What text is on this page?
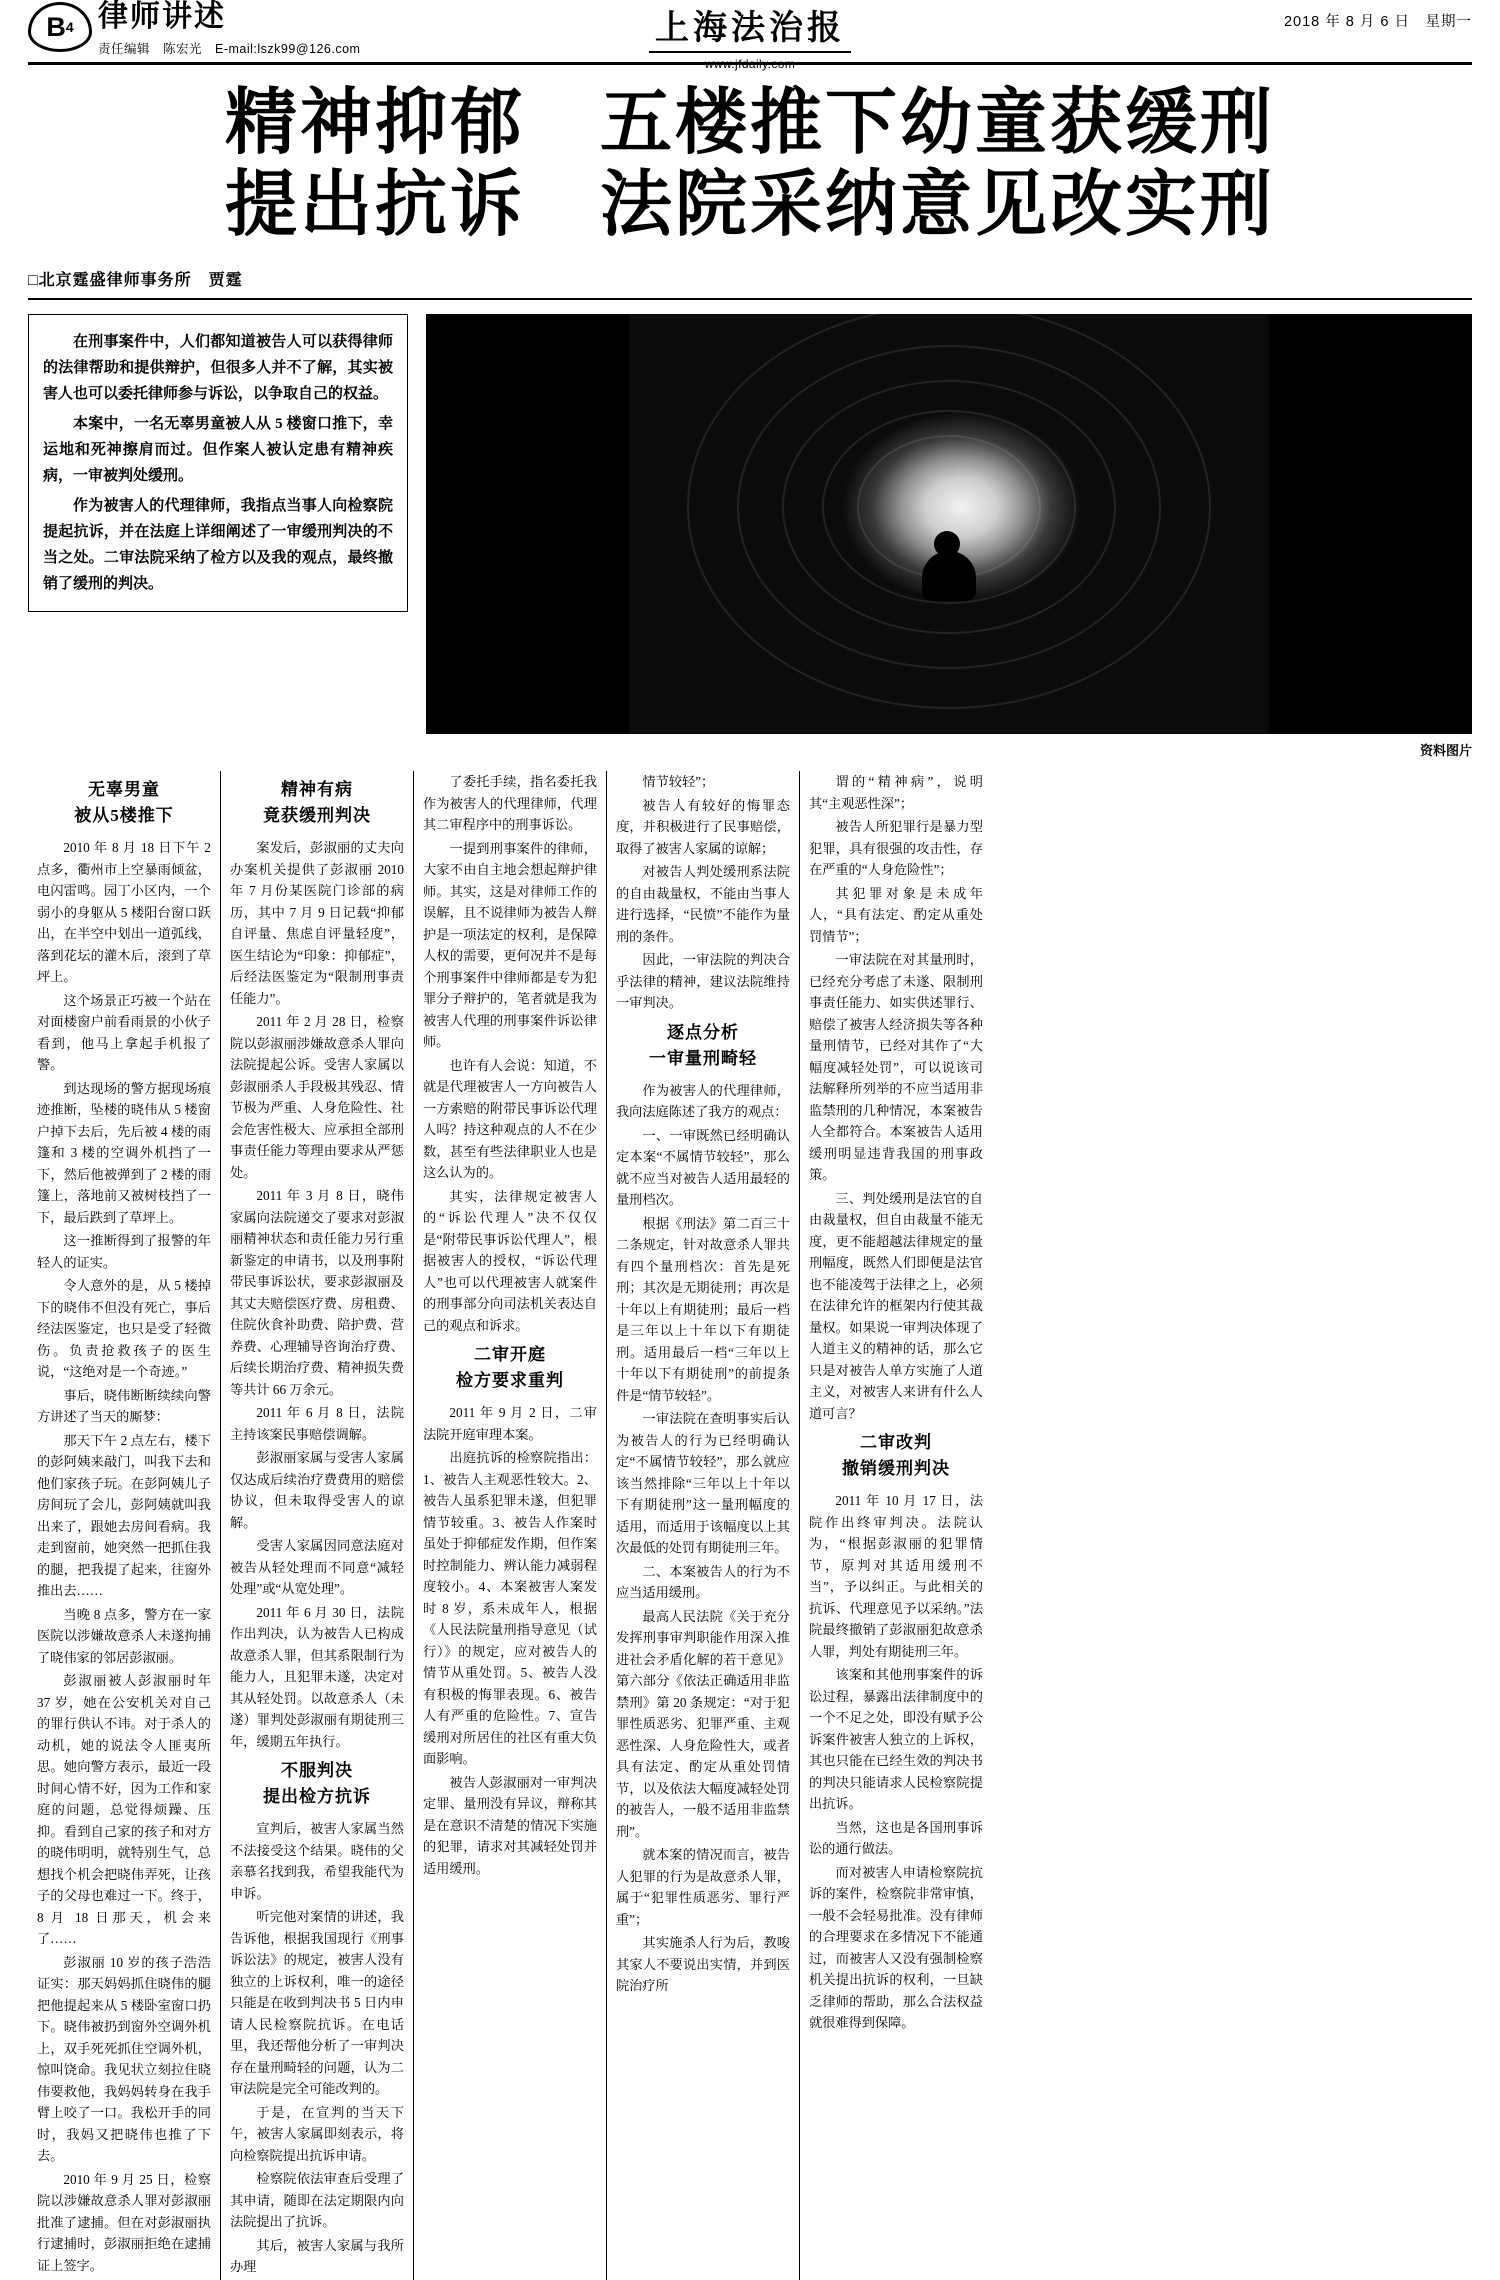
B 4 律师讲述
责任编辑　陈宏光　E-mail:lszk99@126.com
上海法治报
www.jfdaily.com
2018 年 8 月 6 日　星期一
精神抑郁　五楼推下幼童获缓刑
提出抗诉　法院采纳意见改实刑
□北京霆盛律师事务所　贾霆

在刑事案件中，人们都知道被告人可以获得律师的法律帮助和提供辩护，但很多人并不了解，其实被害人也可以委托律师参与诉讼，以争取自己的权益。

本案中，一名无辜男童被人从 5 楼窗口推下，幸运地和死神擦肩而过。但作案人被认定患有精神疾病，一审被判处缓刑。

作为被害人的代理律师，我指点当事人向检察院提起抗诉，并在法庭上详细阐述了一审缓刑判决的不当之处。二审法院采纳了检方以及我的观点，最终撤销了缓刑的判决。

资料图片
无辜男童
被从5楼推下

2010 年 8 月 18 日下午 2 点多，衢州市上空暴雨倾盆，电闪雷鸣。园丁小区内，一个弱小的身躯从 5 楼阳台窗口跃出，在半空中划出一道弧线，落到花坛的灌木后，滚到了草坪上。

这个场景正巧被一个站在对面楼窗户前看雨景的小伙子看到，他马上拿起手机报了警。

到达现场的警方据现场痕迹推断，坠楼的晓伟从 5 楼窗户掉下去后，先后被 4 楼的雨篷和 3 楼的空调外机挡了一下，然后他被弹到了 2 楼的雨篷上，落地前又被树枝挡了一下，最后跌到了草坪上。

这一推断得到了报警的年轻人的证实。

令人意外的是，从 5 楼掉下的晓伟不但没有死亡，事后经法医鉴定，也只是受了轻微伤。负责抢救孩子的医生说，“这绝对是一个奇迹。”

事后，晓伟断断续续向警方讲述了当天的厮梦：

那天下午 2 点左右，楼下的彭阿姨来敲门，叫我下去和他们家孩子玩。在彭阿姨儿子房间玩了会儿，彭阿姨就叫我出来了，跟她去房间看病。我走到窗前，她突然一把抓住我的腿，把我提了起来，往窗外推出去……

当晚 8 点多，警方在一家医院以涉嫌故意杀人未遂拘捕了晓伟家的邻居彭淑丽。

彭淑丽被人彭淑丽时年 37 岁，她在公安机关对自己的罪行供认不讳。对于杀人的动机，她的说法令人匪夷所思。她向警方表示，最近一段时间心情不好，因为工作和家庭的问题，总觉得烦躁、压抑。看到自己家的孩子和对方的晓伟明明，就特别生气，总想找个机会把晓伟弄死，让孩子的父母也难过一下。终于，8 月 18 日那天，机会来了……

彭淑丽 10 岁的孩子浩浩证实：那天妈妈抓住晓伟的腿把他提起来从 5 楼卧室窗口扔下。晓伟被扔到窗外空调外机上，双手死死抓住空调外机，惊叫饶命。我见状立刻拉住晓伟要救他，我妈妈转身在我手臂上咬了一口。我松开手的同时，我妈又把晓伟也推了下去。

2010 年 9 月 25 日，检察院以涉嫌故意杀人罪对彭淑丽批准了逮捕。但在对彭淑丽执行逮捕时，彭淑丽拒绝在逮捕证上签字。

精神有病
竟获缓刑判决

案发后，彭淑丽的丈夫向办案机关提供了彭淑丽 2010 年 7 月份某医院门诊部的病历，其中 7 月 9 日记载“抑郁自评量、焦虑自评量轻度”，医生结论为“印象：抑郁症”，后经法医鉴定为“限制刑事责任能力”。

2011 年 2 月 28 日，检察院以彭淑丽涉嫌故意杀人罪向法院提起公诉。受害人家属以彭淑丽杀人手段极其残忍、情节极为严重、人身危险性、社会危害性极大、应承担全部刑事责任能力等理由要求从严惩处。

2011 年 3 月 8 日，晓伟家属向法院递交了要求对彭淑丽精神状态和责任能力另行重新鉴定的申请书，以及刑事附带民事诉讼状，要求彭淑丽及其丈夫赔偿医疗费、房租费、住院伙食补助费、陪护费、营养费、心理辅导咨询治疗费、后续长期治疗费、精神损失费等共计 66 万余元。

2011 年 6 月 8 日，法院主持该案民事赔偿调解。

彭淑丽家属与受害人家属仅达成后续治疗费费用的赔偿协议，但未取得受害人的谅解。

受害人家属因同意法庭对被告从轻处理而不同意“减轻处理”或“从宽处理”。

2011 年 6 月 30 日，法院作出判决，认为被告人已构成故意杀人罪，但其系限制行为能力人，且犯罪未遂，决定对其从轻处罚。以故意杀人（未遂）罪判处彭淑丽有期徒刑三年，缓期五年执行。

不服判决
提出检方抗诉

宣判后，被害人家属当然不法接受这个结果。晓伟的父亲慕名找到我，希望我能代为申诉。

听完他对案情的讲述，我告诉他，根据我国现行《刑事诉讼法》的规定，被害人没有独立的上诉权利，唯一的途径只能是在收到判决书 5 日内申请人民检察院抗诉。在电话里，我还帮他分析了一审判决存在量刑畸轻的问题，认为二审法院是完全可能改判的。

于是，在宣判的当天下午，被害人家属即刻表示，将向检察院提出抗诉申请。

检察院依法审查后受理了其申请，随即在法定期限内向法院提出了抗诉。

其后，被害人家属与我所办理

了委托手续，指名委托我作为被害人的代理律师，代理其二审程序中的刑事诉讼。

一提到刑事案件的律师，大家不由自主地会想起辩护律师。其实，这是对律师工作的误解，且不说律师为被告人辩护是一项法定的权利，是保障人权的需要，更何况并不是每个刑事案件中律师都是专为犯罪分子辩护的，笔者就是我为被害人代理的刑事案件诉讼律师。

也许有人会说：知道，不就是代理被害人一方向被告人一方索赔的附带民事诉讼代理人吗？持这种观点的人不在少数，甚至有些法律职业人也是这么认为的。

其实，法律规定被害人的“诉讼代理人”决不仅仅是“附带民事诉讼代理人”，根据被害人的授权，“诉讼代理人”也可以代理被害人就案件的刑事部分向司法机关表达自己的观点和诉求。

二审开庭
检方要求重判

2011 年 9 月 2 日，二审法院开庭审理本案。

出庭抗诉的检察院指出：1、被告人主观恶性较大。2、被告人虽系犯罪未遂，但犯罪情节较重。3、被告人作案时虽处于抑郁症发作期，但作案时控制能力、辨认能力减弱程度较小。4、本案被害人案发时 8 岁，系未成年人，根据《人民法院量刑指导意见（试行）》的规定，应对被告人的情节从重处罚。5、被告人没有积极的悔罪表现。6、被告人有严重的危险性。7、宣告缓刑对所居住的社区有重大负面影响。

被告人彭淑丽对一审判决定罪、量刑没有异议，辩称其是在意识不清楚的情况下实施的犯罪，请求对其减轻处罚并适用缓刑。

情节较轻”；

被告人有较好的悔罪态度，并积极进行了民事赔偿，取得了被害人家属的谅解；

对被告人判处缓刑系法院的自由裁量权，不能由当事人进行选择，“民愤”不能作为量刑的条件。

因此，一审法院的判决合乎法律的精神，建议法院维持一审判决。

逐点分析
一审量刑畸轻

作为被害人的代理律师，我向法庭陈述了我方的观点：

一、一审既然已经明确认定本案“不属情节较轻”，那么就不应当对被告人适用最轻的量刑档次。

根据《刑法》第二百三十二条规定，针对故意杀人罪共有四个量刑档次：首先是死刑；其次是无期徒刑；再次是十年以上有期徒刑；最后一档是三年以上十年以下有期徒刑。适用最后一档“三年以上十年以下有期徒刑”的前提条件是“情节较轻”。

一审法院在查明事实后认为被告人的行为已经明确认定“不属情节较轻”，那么就应该当然排除“三年以上十年以下有期徒刑”这一量刑幅度的适用，而适用于该幅度以上其次最低的处罚有期徒刑三年。

二、本案被告人的行为不应当适用缓刑。

最高人民法院《关于充分发挥刑事审判职能作用深入推进社会矛盾化解的若干意见》第六部分《依法正确适用非监禁刑》第 20 条规定：“对于犯罪性质恶劣、犯罪严重、主观恶性深、人身危险性大，或者具有法定、酌定从重处罚情节，以及依法大幅度减轻处罚的被告人，一般不适用非监禁刑”。

就本案的情况而言，被告人犯罪的行为是故意杀人罪，属于“犯罪性质恶劣、罪行严重”；

其实施杀人行为后，教唆其家人不要说出实情，并到医院治疗所

谓的“精神病”，说明其“主观恶性深”；

被告人所犯罪行是暴力型犯罪，具有很强的攻击性，存在严重的“人身危险性”；

其犯罪对象是未成年人，“具有法定、酌定从重处罚情节”；

一审法院在对其量刑时，已经充分考虑了未遂、限制刑事责任能力、如实供述罪行、赔偿了被害人经济损失等各种量刑情节，已经对其作了“大幅度减轻处罚”，可以说该司法解释所列举的不应当适用非监禁刑的几种情况，本案被告人全都符合。本案被告人适用缓刑明显违背我国的刑事政策。

三、判处缓刑是法官的自由裁量权，但自由裁量不能无度，更不能超越法律规定的量刑幅度，既然人们即便是法官也不能凌驾于法律之上，必须在法律允许的框架内行使其裁量权。如果说一审判决体现了人道主义的精神的话，那么它只是对被告人单方实施了人道主义，对被害人来讲有什么人道可言？

二审改判
撤销缓刑判决

2011 年 10 月 17 日，法院作出终审判决。法院认为，“根据彭淑丽的犯罪情节，原判对其适用缓刑不当”，予以纠正。与此相关的抗诉、代理意见予以采纳。”法院最终撤销了彭淑丽犯故意杀人罪，判处有期徒刑三年。

该案和其他刑事案件的诉讼过程，暴露出法律制度中的一个不足之处，即没有赋予公诉案件被害人独立的上诉权，其也只能在已经生效的判决书的判决只能请求人民检察院提出抗诉。

当然，这也是各国刑事诉讼的通行做法。

而对被害人申请检察院抗诉的案件，检察院非常审慎，一般不会轻易批准。没有律师的合理要求在多情况下不能通过，而被害人又没有强制检察机关提出抗诉的权利，一旦缺乏律师的帮助，那么合法权益就很难得到保障。
